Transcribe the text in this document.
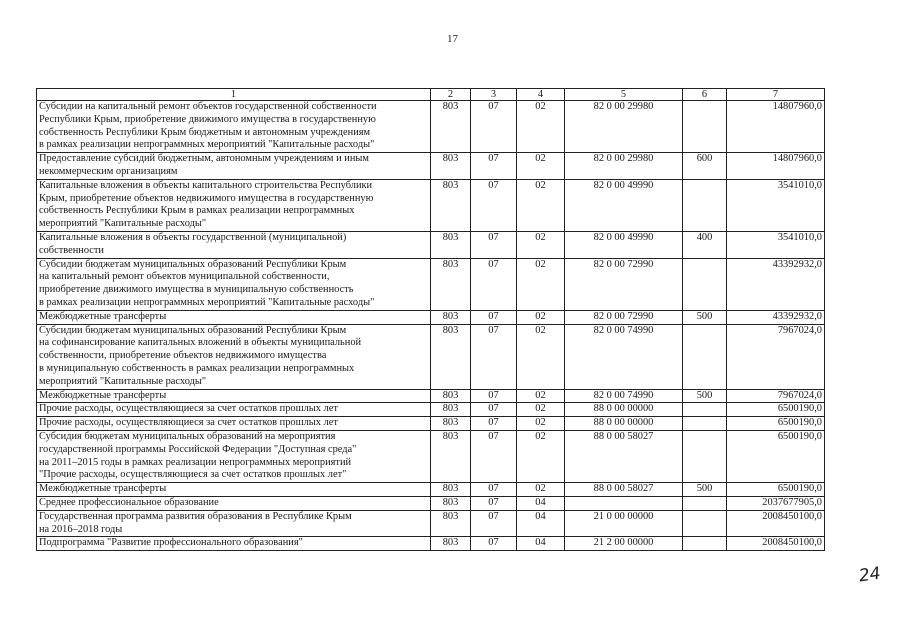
17
1	2	3	4	5	6	7
Субсидии на капитальный ремонт объектов государственной собственности
Республики Крым, приобретение движимого имущества в государственную
собственность Республики Крым бюджетным и автономным учреждениям
в рамках реализации непрограммных мероприятий "Капитальные расходы"	803	07	02	82 0 00 29980		14807960,0
Предоставление субсидий бюджетным, автономным учреждениям и иным
некоммерческим организациям	803	07	02	82 0 00 29980	600	14807960,0
Капитальные вложения в объекты капитального строительства Республики
Крым, приобретение объектов недвижимого имущества в государственную
собственность Республики Крым в рамках реализации непрограммных
мероприятий "Капитальные расходы"	803	07	02	82 0 00 49990		3541010,0
Капитальные вложения в объекты государственной (муниципальной)
собственности	803	07	02	82 0 00 49990	400	3541010,0
Субсидии бюджетам муниципальных образований Республики Крым
на капитальный ремонт объектов муниципальной собственности,
приобретение движимого имущества в муниципальную собственность
в рамках реализации непрограммных мероприятий "Капитальные расходы"	803	07	02	82 0 00 72990		43392932,0
Межбюджетные трансферты	803	07	02	82 0 00 72990	500	43392932,0
Субсидии бюджетам муниципальных образований Республики Крым
на софинансирование капитальных вложений в объекты муниципальной
собственности, приобретение объектов недвижимого имущества
в муниципальную собственность в рамках реализации непрограммных
мероприятий "Капитальные расходы"	803	07	02	82 0 00 74990		7967024,0
Межбюджетные трансферты	803	07	02	82 0 00 74990	500	7967024,0
Прочие расходы, осуществляющиеся за счет остатков прошлых лет	803	07	02	88 0 00 00000		6500190,0
Прочие расходы, осуществляющиеся за счет остатков прошлых лет	803	07	02	88 0 00 00000		6500190,0
Субсидия бюджетам муниципальных образований на мероприятия
государственной программы Российской Федерации "Доступная среда"
на 2011–2015 годы в рамках реализации непрограммных мероприятий
"Прочие расходы, осуществляющиеся за счет остатков прошлых лет"	803	07	02	88 0 00 58027		6500190,0
Межбюджетные трансферты	803	07	02	88 0 00 58027	500	6500190,0
Среднее профессиональное образование	803	07	04			2037677905,0
Государственная программа развития образования в Республике Крым
на 2016–2018 годы	803	07	04	21 0 00 00000		2008450100,0
Подпрограмма "Развитие профессионального образования"	803	07	04	21 2 00 00000		2008450100,0
24
